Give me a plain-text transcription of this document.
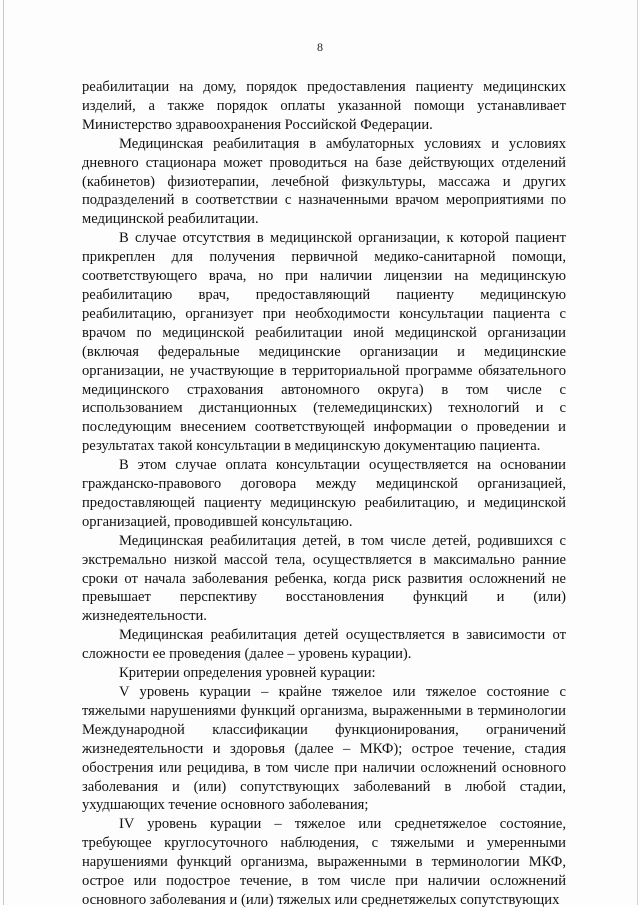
8

реабилитации на дому, порядок предоставления пациенту медицинских изделий, а также порядок оплаты указанной помощи устанавливает Министерство здравоохранения Российской Федерации.

Медицинская реабилитация в амбулаторных условиях и условиях дневного стационара может проводиться на базе действующих отделений (кабинетов) физиотерапии, лечебной физкультуры, массажа и других подразделений в соответствии с назначенными врачом мероприятиями по медицинской реабилитации.

В случае отсутствия в медицинской организации, к которой пациент прикреплен для получения первичной медико-санитарной помощи, соответствующего врача, но при наличии лицензии на медицинскую реабилитацию врач, предоставляющий пациенту медицинскую реабилитацию, организует при необходимости консультации пациента с врачом по медицинской реабилитации иной медицинской организации (включая федеральные медицинские организации и медицинские организации, не участвующие в территориальной программе обязательного медицинского страхования автономного округа) в том числе с использованием дистанционных (телемедицинских) технологий и с последующим внесением соответствующей информации о проведении и результатах такой консультации в медицинскую документацию пациента.

В этом случае оплата консультации осуществляется на основании гражданско-правового договора между медицинской организацией, предоставляющей пациенту медицинскую реабилитацию, и медицинской организацией, проводившей консультацию.

Медицинская реабилитация детей, в том числе детей, родившихся с экстремально низкой массой тела, осуществляется в максимально ранние сроки от начала заболевания ребенка, когда риск развития осложнений не превышает перспективу восстановления функций и (или) жизнедеятельности.

Медицинская реабилитация детей осуществляется в зависимости от сложности ее проведения (далее – уровень курации).

Критерии определения уровней курации:

V уровень курации – крайне тяжелое или тяжелое состояние с тяжелыми нарушениями функций организма, выраженными в терминологии Международной классификации функционирования, ограничений жизнедеятельности и здоровья (далее – МКФ); острое течение, стадия обострения или рецидива, в том числе при наличии осложнений основного заболевания и (или) сопутствующих заболеваний в любой стадии, ухудшающих течение основного заболевания;

IV уровень курации – тяжелое или среднетяжелое состояние, требующее круглосуточного наблюдения, с тяжелыми и умеренными нарушениями функций организма, выраженными в терминологии МКФ, острое или подострое течение, в том числе при наличии осложнений основного заболевания и (или) тяжелых или среднетяжелых сопутствующих
